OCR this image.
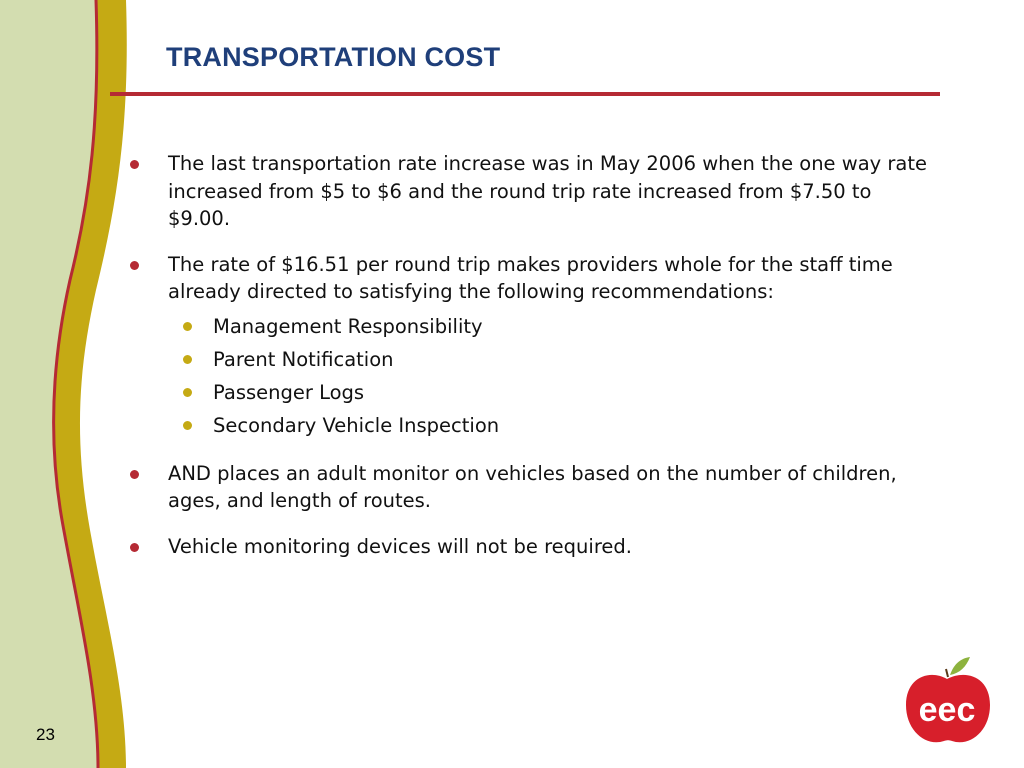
TRANSPORTATION COST
The last transportation rate increase was in May 2006 when the one way rate increased from $5 to $6 and the round trip rate increased from $7.50 to $9.00.
The rate of $16.51 per round trip makes providers whole for the staff time already directed to satisfying the following recommendations:
Management Responsibility
Parent Notification
Passenger Logs
Secondary Vehicle Inspection
AND places an adult monitor on vehicles based on the number of children, ages, and length of routes.
Vehicle monitoring devices will not be required.
23
eec
